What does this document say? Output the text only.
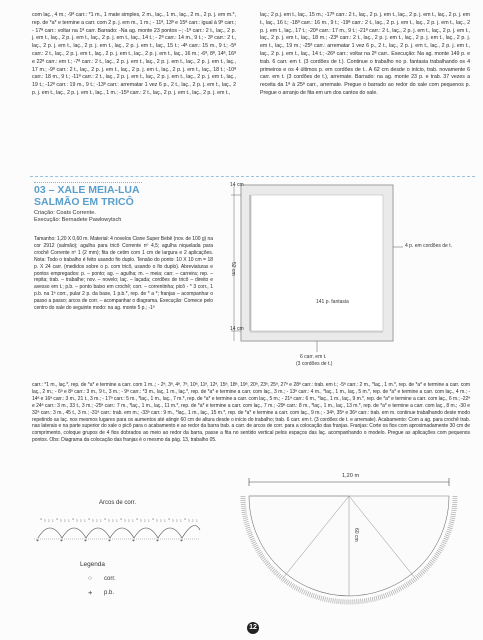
com laç., 4 m.; -9ª carr.: *1 m., 1 mate simples, 2 m., laç., 1 m., laç., 2 m., 2 p. j. em m.*, rep. de *a* e termine a carr. com 2 p. j. em m., 1 m.; - 11ª, 13ª e 15ª carr.: igual à 9ª carr.; - 17ª carr.: voltar na 1ª carr. Barrado: -Na ag. monte 23 pontos –; -1ª carr.: 2 t., laç., 2 p. j. em t., laç., 2 p. j. em t., laç., 2 p. j. em t., laç., 14 t.; - 2ª carr.: 14 m., 9 t.; - 3ª carr.: 2 t., laç., 2 p. j. em t., laç., 2 p. j. em t., laç., 2 p. j. em t., laç., 15 t.; -4ª carr.: 15 m., 9 t.; -5ª carr.: 2 t., laç., 2 p. j. em t., laç., 2 p. j. em t., laç., 2 p. j. em t., laç., 16 m.; -6ª, 8ª, 14ª, 16ª e 22ª carr.: em t.; -7ª carr.: 2 t., laç., 2 p. j. em t., laç., 2 p. j. em t., laç., 2 p. j. em t., laç., 17 m.; -9ª carr.: 2 t., laç., 2 p. j. em t., laç., 2 p. j. em t., laç., 2 p. j. em t., laç., 18 t.; -10ª carr.: 18 m., 9 t.; -11ª carr.: 2 t., laç., 2 p. j. em t., laç., 2 p. j. em t., laç., 2 p. j. em t., laç., 19 t.; -12ª carr.: 19 m., 9 t.; -13ª carr.: arrematar 1 vez 6 p., 2 t., laç., 2 p. j. em t., laç., 2 p. j. em t., laç., 2 p. j. em t., laç., 1 m.; -15ª carr.: 2 t., laç., 2 p. j. em t., laç., 2 p. j. em t.,

laç.; 2 p.j. em t., laç., 15 m.; -17ª carr.: 2 t., laç., 2 p. j. em t., laç., 2 p. j. em t., laç., 2 p. j. em t., laç., 16 t.; -18ª carr.: 16 m., 9 t.; -19ª carr.: 2 t., laç., 2 p. j. em t., laç., 2 p. j. em t., laç., 2 p. j. em t., laç., 17 t.; -20ª carr.: 17 m., 9 t.; -21ª carr.: 2 t., laç., 2 p. j. em t., laç., 2 p. j. em t., laç., 2 p. j. em t., laç., 18 m.; -23ª carr.: 2 t., laç., 2 p. j. em t., laç., 2 p. j. em t., laç., 2 p. j. em t., laç., 19 m.; -25ª carr.: arrematar 1 vez 6 p., 2 t., laç., 2 p. j. em t., laç., 2 p. j. em t., laç., 2 p. j. em t., laç., 14 t.; -26ª carr.: voltar na 2ª carr.. Execução: Na ag. monte 149 p. e trab. 6 carr. em t. (3 cordões de t.). Continue o trabalho no p. fantasia trabalhando os 4 primeiros e os 4 últimos p. em cordões de t.. A 62 cm desde o início, trab. novamente 6 carr. em t. (3 cordões de t.), arremate. Barrado: na ag. monte 23 p. e trab. 37 vezes a receita da 1ª à 25ª carr., arremate. Pregue o barrado ao redor do xale com pequenos p. Pregue o arranjo de fita em um dos cantos do xale.

03 – XALE MEIA-LUA
SALMÃO EM TRICÔ

Criação: Coats Corrente.

Execução: Bernadete Pawlowytsch

Tamanho: 1,20 X 0,60 m. Material: 4 novelos Cisne Super Bebê (nov. de 100 g) na cor 2912 (salmão); agulha para tricô Corrente nº 4,5; agulha niquelada para crochê Corrente nº 1 (2 mm); fita de cetim com 1 cm de largura e 2 aplicações. Nota: Todo o trabalho é feito usando fio duplo. Tensão do ponto: 10 X 10 cm = 18 p. X 24 carr. (medidos sobre o p. com tricô, usando o fio duplo). Abreviaturas e pontos empregados: p. – ponto; ag. – agulha; m. – meia; carr. – carreira; rep. – repita; trab. – trabalhe; nov. – novelo; laç. – laçada; cordões de tricô – direito e avesso em t.; p.b. – ponto baixo em crochê; corr. – correntinha; picô - * 3 corr., 1 p.b. na 1ª corr., pular 2 p. da base, 1 p.b.*, rep. de * a *; franjas – acompanhar o passo a passo; arcos de corr. – acompanhar o diagrama. Execução: Comece pelo centro do xale do seguinte modo: na ag. monte 5 p.; -1ª

14 cm

52 cm

14 cm

4 p. em cordões de t.

141 p. fantasia

6 carr. em t.

(3 cordões de t.)

carr.: *1 m., laç.*, rep. de *a* e termine a carr. com 1 m..; - 2ª, 3ª, 4ª, 7ª, 10ª, 11ª, 12ª, 15ª, 18ª, 19ª, 20ª, 23ª, 25ª, 27ª e 28ª carr.: trab. em t.; -5ª carr.: 2 m., *laç., 1 m.*, rep. de *a* e termine a carr. com laç., 2 m.; - 6ª e 8ª carr.: 3 m., 9 t., 3 m.; - 9ª carr.: *3 m., laç, 1 m., laç.*, rep. de *a* e termine a carr. com laç., 3 m.; - 13ª carr.: 4 m., *laç., 1 m., laç., 5 m.*, rep. de *a* e termine a carr. com laç., 4 m.; - 14ª e 16ª carr.: 3 m., 21 t., 3 m.; - 17ª carr.: 5 m., *laç., 1 m., laç., 7 m.*, rep. de *a* e termine a carr. com laç., 5 m.; - 21ª carr.: 6 m., *laç., 1 m., laç., 9 m.*, rep. de *a* e termine a carr. com laç., 6 m.; -22ª e 24ª carr.: 3 m., 33 t., 3 m.; -25ª carr.: 7 m., *laç., 1 m., laç., 11 m.*, rep. de *a* e termine a carr. com laç., 7 m.; -29ª carr.: 8 m., *laç., 1 m., laç., 13 m.*, rep. de *a* e termine a carr. com laç., 8 m.; -30 e 32ª carr.: 3 m., 45 t., 3 m.; -31ª carr.: trab. em m.; -33ª carr.: 9 m., *laç., 1 m., laç., 15 m.*, rep. de *a* e termine a carr. com laç., 9 m.; - 34ª, 35ª e 36ª carr.: trab. em m. continue trabalhando deste modo repetindo as laç. nos mesmos lugares para os aumentos até atingir 60 cm de altura desde o início do trabalho; trab. 6 carr. em t. (3 cordões de t. e arremate). Acabamento: Com a ag. para crochê trab. nas laterais e na parte superior do xale o picô para o acabamento e ao redor da barra trab. a carr. de arcos de corr. para a colocação das franjas. Franjas: Corte os fios com aproximadamente 30 cm de comprimento, coloque grupos de 4 fios dobrados ao meio ao redor da barra, passe a fita no sentido vertical pelos espaços das laç. acompanhando o modelo. Pregue as aplicações com pequenos pontos. Obs: Diagrama da colocação das franjas é o mesmo da pág. 13, trabalho 05.

Arcos de corr.

+	+	+	+	+	+	+
4 3 2 1 4 3 2 1 4 3 2 1 4 3 2 1 4 3 2 1 4 3 2 1 4 3 2 1 4 3 2 1 4 3 2 1 4 3 2 1

Legenda

○ corr.

+ p.b.

1,20 m

60 cm

12
